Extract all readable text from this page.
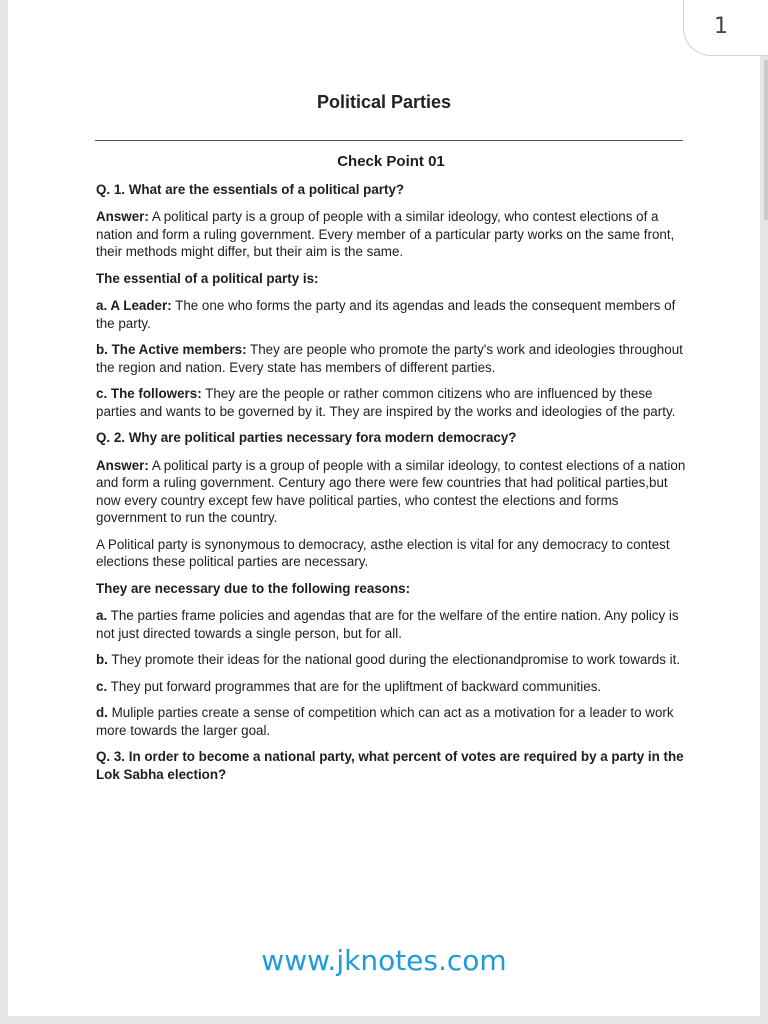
1
Political Parties
Check Point 01
Q. 1. What are the essentials of a political party?
Answer: A political party is a group of people with a similar ideology, who contest elections of a nation and form a ruling government. Every member of a particular party works on the same front, their methods might differ, but their aim is the same.
The essential of a political party is:
a. A Leader: The one who forms the party and its agendas and leads the consequent members of the party.
b. The Active members: They are people who promote the party's work and ideologies throughout the region and nation. Every state has members of different parties.
c. The followers: They are the people or rather common citizens who are influenced by these parties and wants to be governed by it. They are inspired by the works and ideologies of the party.
Q. 2. Why are political parties necessary fora modern democracy?
Answer: A political party is a group of people with a similar ideology, to contest elections of a nation and form a ruling government. Century ago there were few countries that had political parties,but now every country except few have political parties, who contest the elections and forms government to run the country.
A Political party is synonymous to democracy, asthe election is vital for any democracy to contest elections these political parties are necessary.
They are necessary due to the following reasons:
a. The parties frame policies and agendas that are for the welfare of the entire nation. Any policy is not just directed towards a single person, but for all.
b. They promote their ideas for the national good during the electionandpromise to work towards it.
c. They put forward programmes that are for the upliftment of backward communities.
d. Muliple parties create a sense of competition which can act as a motivation for a leader to work more towards the larger goal.
Q. 3. In order to become a national party, what percent of votes are required by a party in the Lok Sabha election?
www.jknotes.com
